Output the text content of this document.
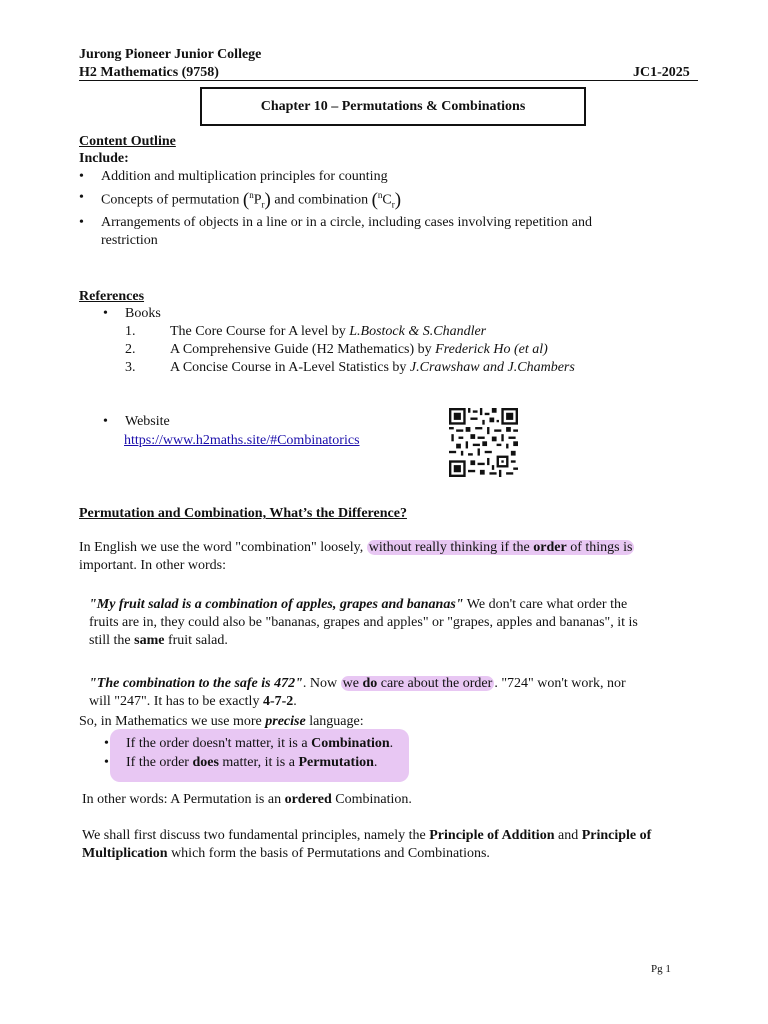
Jurong Pioneer Junior College
H2 Mathematics (9758)	JC1-2025
Chapter 10 – Permutations & Combinations
Content Outline
Include:
•	Addition and multiplication principles for counting
•	Concepts of permutation $(^nP_r)$ and combination $(^nC_r)$
•	Arrangements of objects in a line or in a circle, including cases involving repetition and
restriction
References
•	Books
1.	The Core Course for A level by L.Bostock & S.Chandler
2.	A Comprehensive Guide (H2 Mathematics) by Frederick Ho (et al)
3.	A Concise Course in A-Level Statistics by J.Crawshaw and J.Chambers
•	Website
https://www.h2maths.site/#Combinatorics
Permutation and Combination, What’s the Difference?
In English we use the word "combination" loosely, without really thinking if the order of things is
important. In other words:
"My fruit salad is a combination of apples, grapes and bananas" We don't care what order the
fruits are in, they could also be "bananas, grapes and apples" or "grapes, apples and bananas", it is
still the same fruit salad.
"The combination to the safe is 472". Now we do care about the order . "724" won't work, nor
will "247". It has to be exactly 4-7-2.
So, in Mathematics we use more precise language:
•	If the order doesn't matter, it is a Combination.
•	If the order does matter, it is a Permutation.
In other words: A Permutation is an ordered Combination.
We shall first discuss two fundamental principles, namely the Principle of Addition and Principle of
Multiplication which form the basis of Permutations and Combinations.
Pg 1
